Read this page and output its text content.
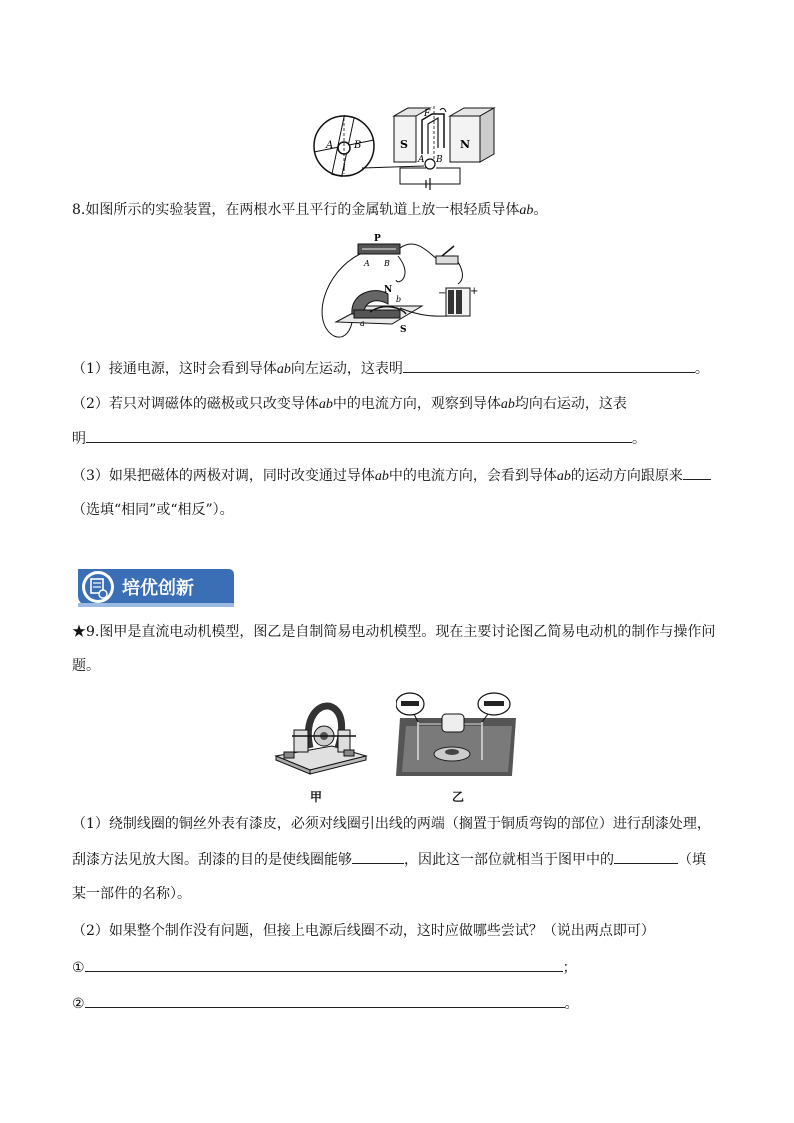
A B
i
S	N
F
A B
8.如图所示的实验装置，在两根水平且平行的金属轨道上放一根轻质导体ab。
P
A B
− +
N
S
a
b
（1）接通电源，这时会看到导体ab向左运动，这表明	。
（2）若只对调磁体的磁极或只改变导体ab中的电流方向，观察到导体ab均向右运动，这表
明	。
（3）如果把磁体的两极对调，同时改变通过导体ab中的电流方向，会看到导体ab的运动方向跟原来
（选填“相同”或“相反”）。
培优创新
★9.图甲是直流电动机模型，图乙是自制简易电动机模型。现在主要讨论图乙简易电动机的制作与操作问
题。
甲	乙
（1）绕制线圈的铜丝外表有漆皮，必须对线圈引出线的两端（搁置于铜质弯钩的部位）进行刮漆处理，
刮漆方法见放大图。刮漆的目的是使线圈能够	，因此这一部位就相当于图甲中的	（填
某一部件的名称）。
（2）如果整个制作没有问题，但接上电源后线圈不动，这时应做哪些尝试？（说出两点即可）
①	；
②	。
